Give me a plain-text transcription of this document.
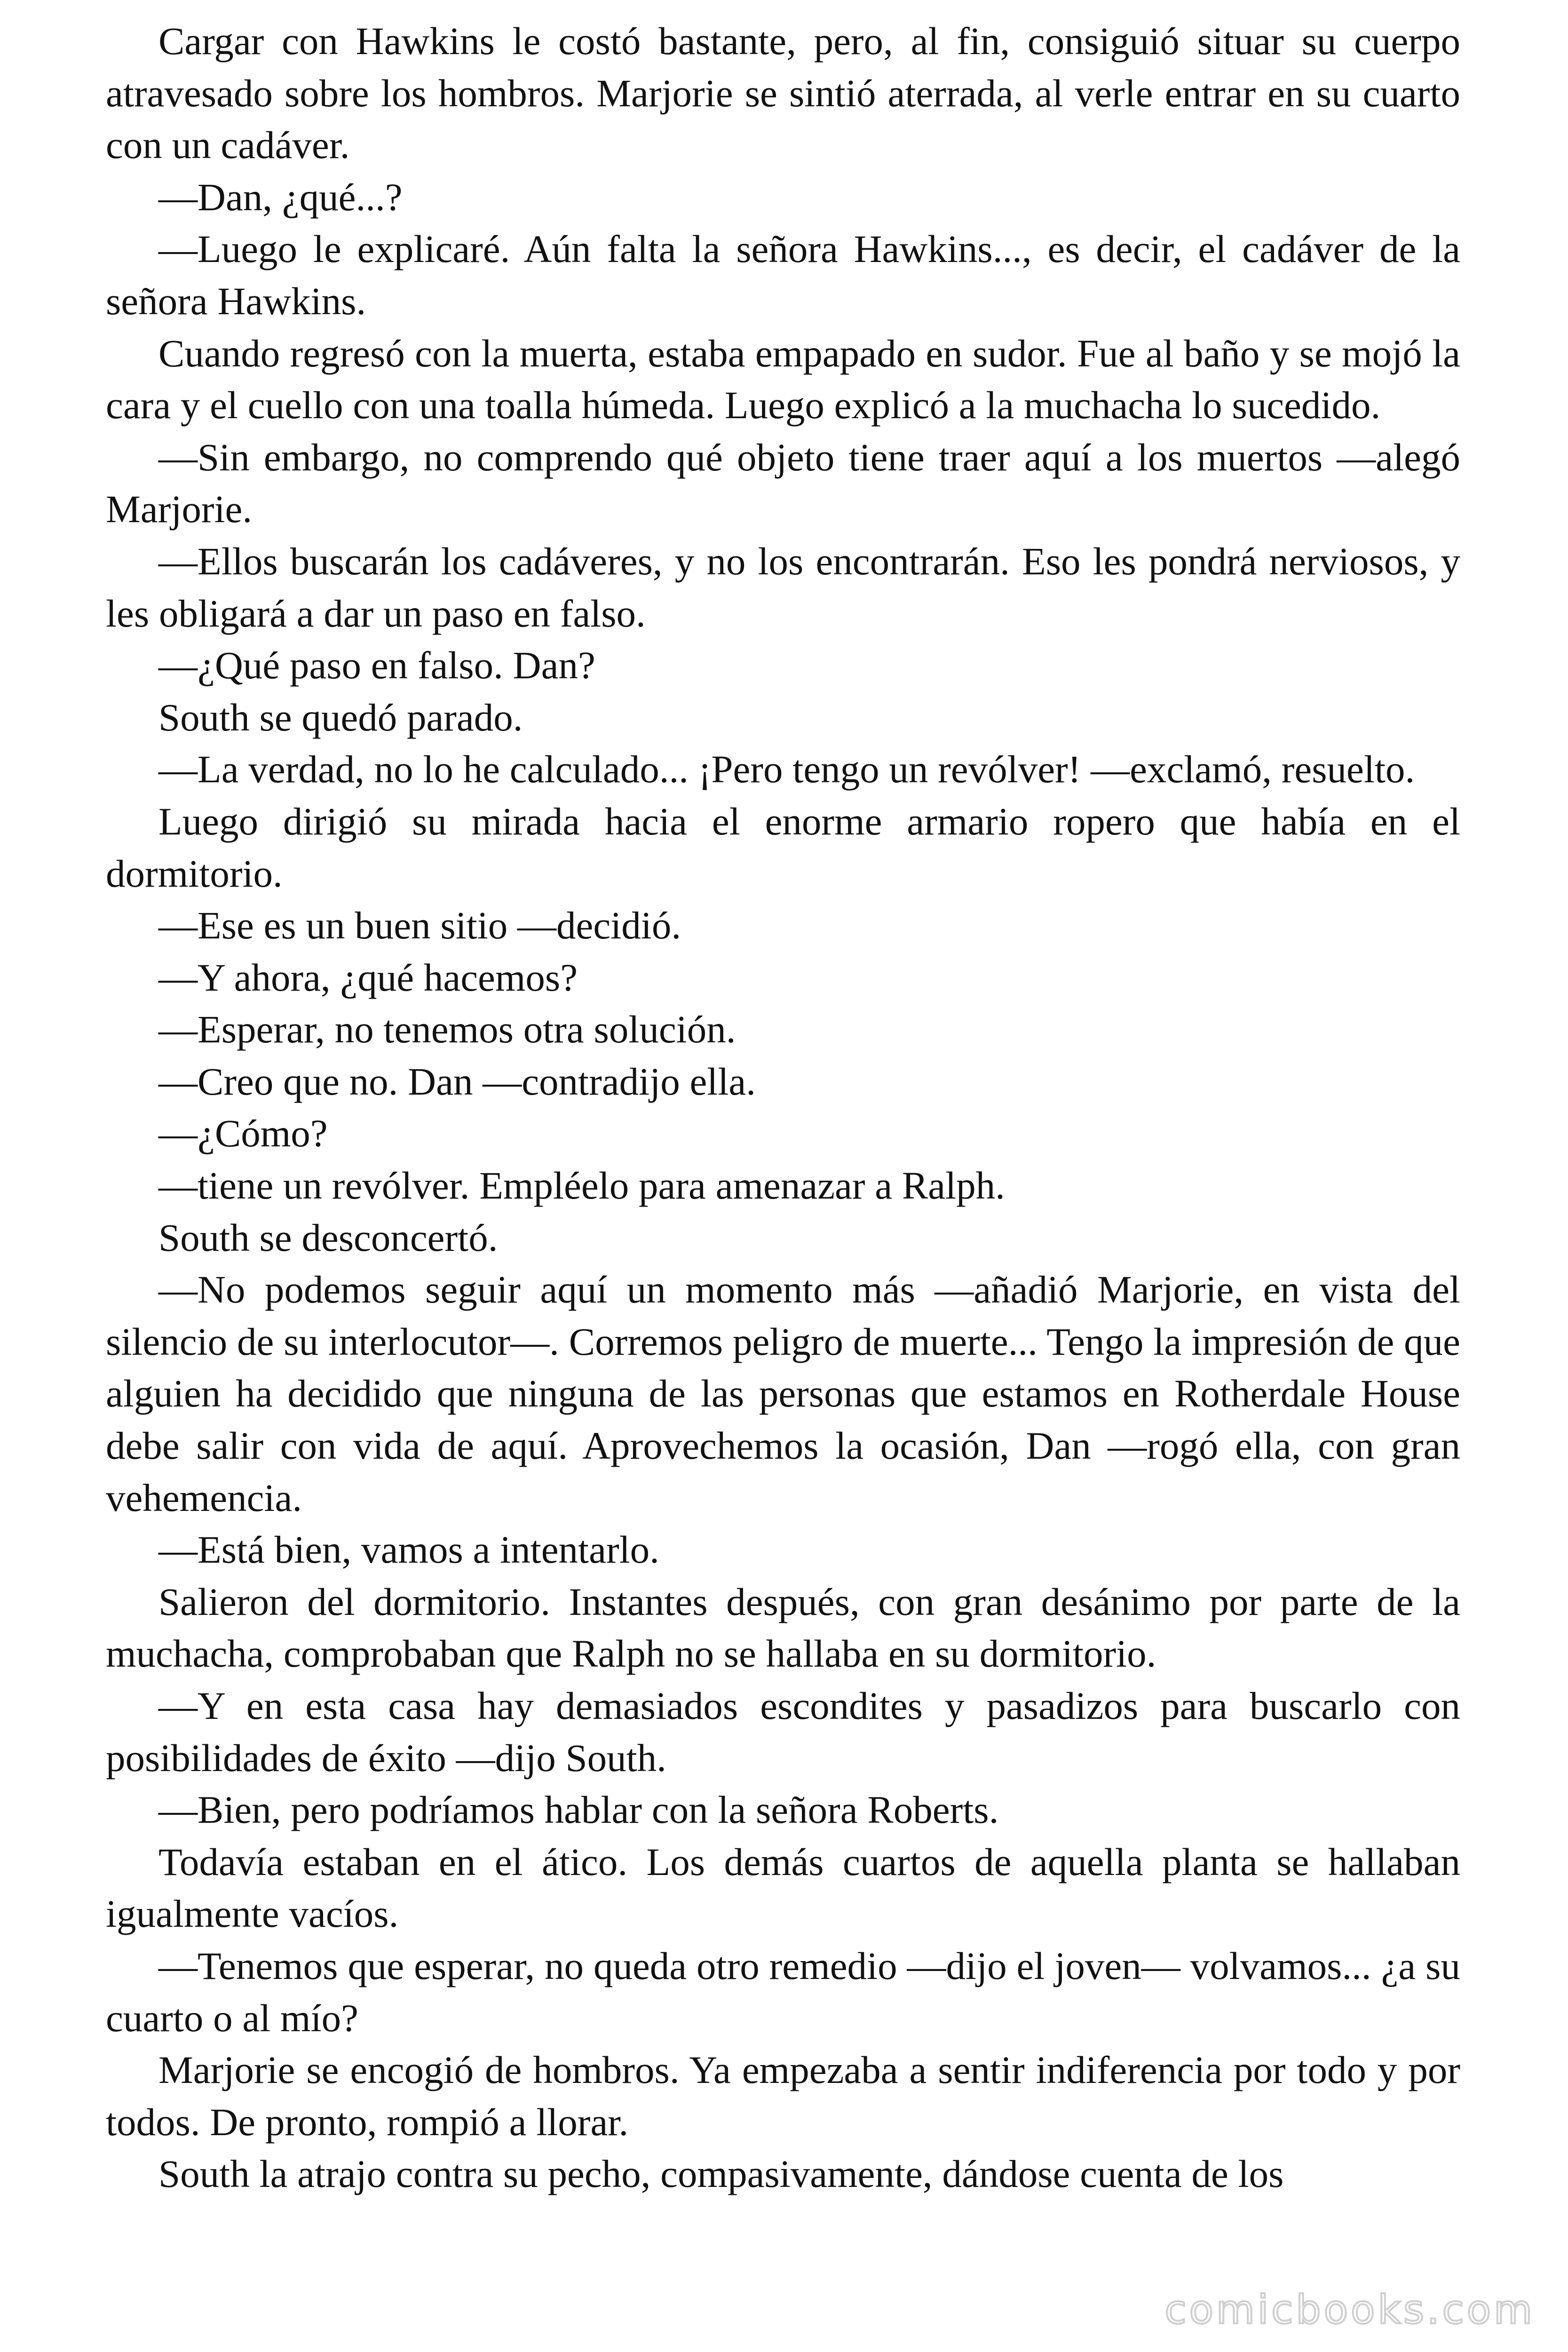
Cargar con Hawkins le costó bastante, pero, al fin, consiguió situar su cuerpo atravesado sobre los hombros. Marjorie se sintió aterrada, al verle entrar en su cuarto con un cadáver.

—Dan, ¿qué...?

—Luego le explicaré. Aún falta la señora Hawkins..., es decir, el cadáver de la señora Hawkins.

Cuando regresó con la muerta, estaba empapado en sudor. Fue al baño y se mojó la cara y el cuello con una toalla húmeda. Luego explicó a la muchacha lo sucedido.

—Sin embargo, no comprendo qué objeto tiene traer aquí a los muertos —alegó Marjorie.

—Ellos buscarán los cadáveres, y no los encontrarán. Eso les pondrá nerviosos, y les obligará a dar un paso en falso.

—¿Qué paso en falso. Dan?

South se quedó parado.

—La verdad, no lo he calculado... ¡Pero tengo un revólver! —exclamó, resuelto.

Luego dirigió su mirada hacia el enorme armario ropero que había en el dormitorio.

—Ese es un buen sitio —decidió.

—Y ahora, ¿qué hacemos?

—Esperar, no tenemos otra solución.

—Creo que no. Dan —contradijo ella.

—¿Cómo?

—tiene un revólver. Empléelo para amenazar a Ralph.

South se desconcertó.

—No podemos seguir aquí un momento más —añadió Marjorie, en vista del silencio de su interlocutor—. Corremos peligro de muerte... Tengo la impresión de que alguien ha decidido que ninguna de las personas que estamos en Rotherdale House debe salir con vida de aquí. Aprovechemos la ocasión, Dan —rogó ella, con gran vehemencia.

—Está bien, vamos a intentarlo.

Salieron del dormitorio. Instantes después, con gran desánimo por parte de la muchacha, comprobaban que Ralph no se hallaba en su dormitorio.

—Y en esta casa hay demasiados escondites y pasadizos para buscarlo con posibilidades de éxito —dijo South.

—Bien, pero podríamos hablar con la señora Roberts.

Todavía estaban en el ático. Los demás cuartos de aquella planta se hallaban igualmente vacíos.

—Tenemos que esperar, no queda otro remedio —dijo el joven— volvamos... ¿a su cuarto o al mío?

Marjorie se encogió de hombros. Ya empezaba a sentir indiferencia por todo y por todos. De pronto, rompió a llorar.

South la atrajo contra su pecho, compasivamente, dándose cuenta de los

comicbooks.com
